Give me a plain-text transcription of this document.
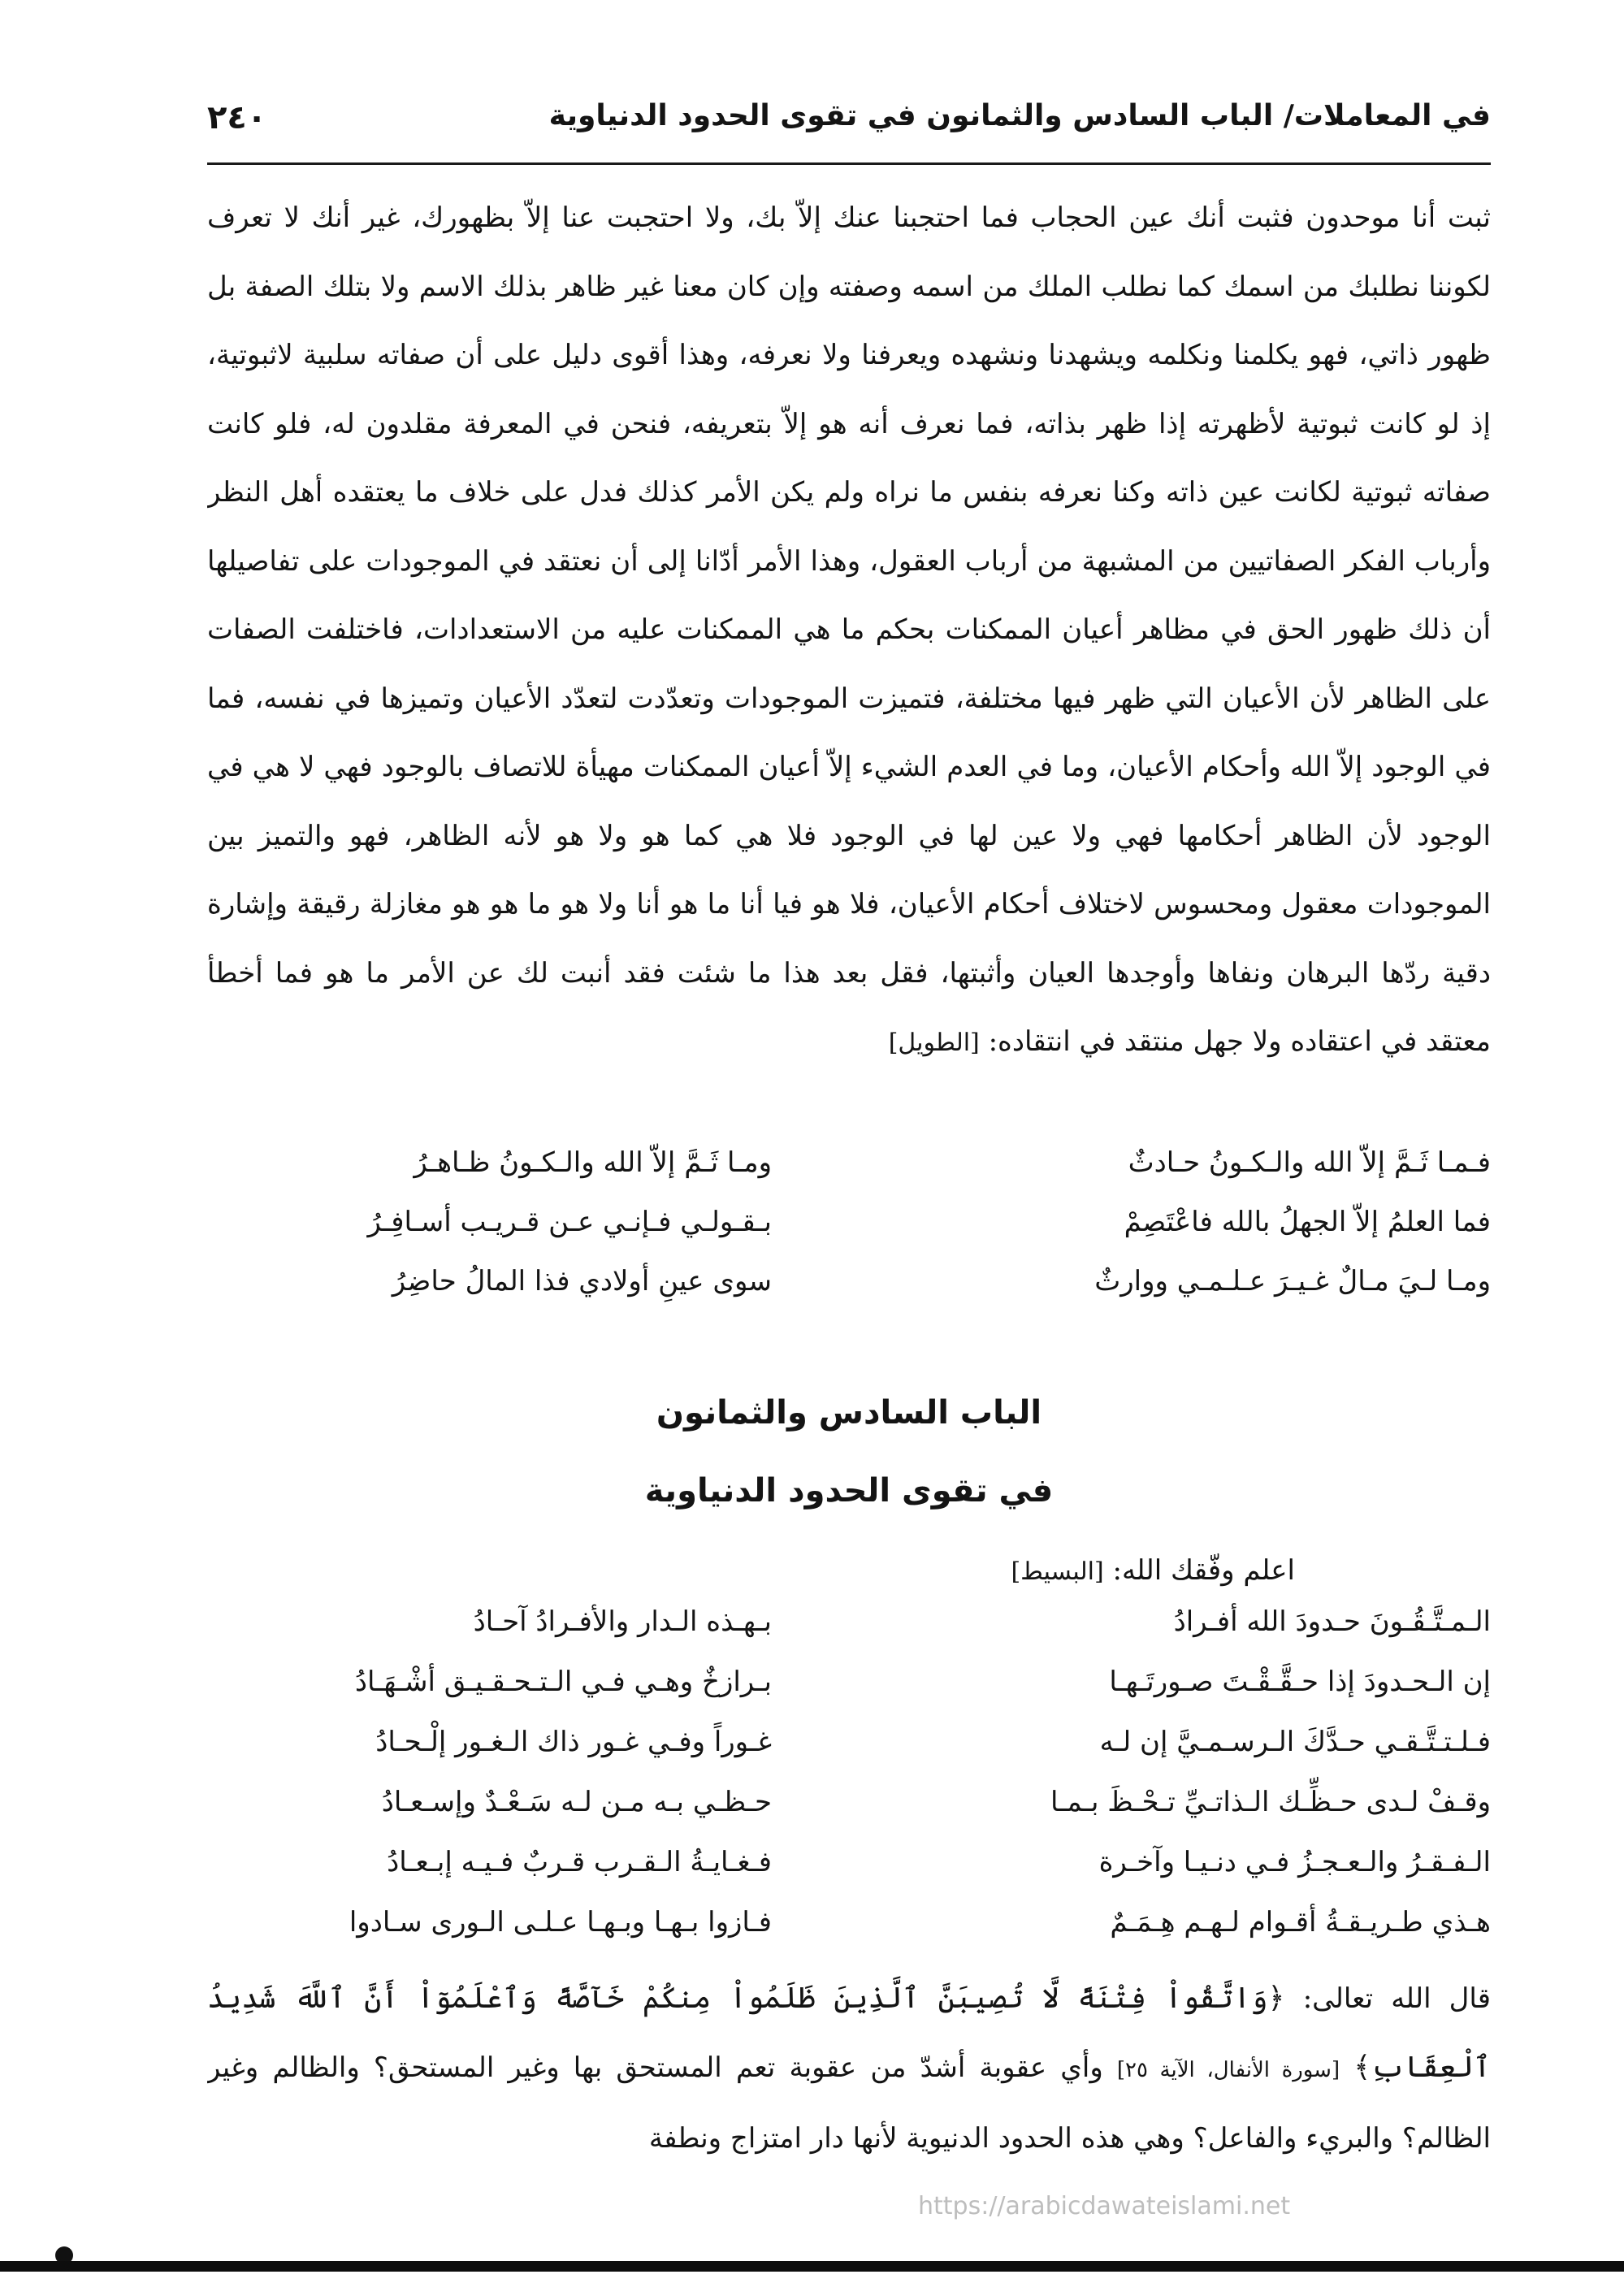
في المعاملات/ الباب السادس والثمانون في تقوى الحدود الدنياوية
٢٤٠

ثبت أنا موحدون فثبت أنك عين الحجاب فما احتجبنا عنك إلاّ بك، ولا احتجبت عنا إلاّ بظهورك، غير أنك لا تعرف لكوننا نطلبك من اسمك كما نطلب الملك من اسمه وصفته وإن كان معنا غير ظاهر بذلك الاسم ولا بتلك الصفة بل ظهور ذاتي، فهو يكلمنا ونكلمه ويشهدنا ونشهده ويعرفنا ولا نعرفه، وهذا أقوى دليل على أن صفاته سلبية لاثبوتية، إذ لو كانت ثبوتية لأظهرته إذا ظهر بذاته، فما نعرف أنه هو إلاّ بتعريفه، فنحن في المعرفة مقلدون له، فلو كانت صفاته ثبوتية لكانت عين ذاته وكنا نعرفه بنفس ما نراه ولم يكن الأمر كذلك فدل على خلاف ما يعتقده أهل النظر وأرباب الفكر الصفاتيين من المشبهة من أرباب العقول، وهذا الأمر أدّانا إلى أن نعتقد في الموجودات على تفاصيلها أن ذلك ظهور الحق في مظاهر أعيان الممكنات بحكم ما هي الممكنات عليه من الاستعدادات، فاختلفت الصفات على الظاهر لأن الأعيان التي ظهر فيها مختلفة، فتميزت الموجودات وتعدّدت لتعدّد الأعيان وتميزها في نفسه، فما في الوجود إلاّ الله وأحكام الأعيان، وما في العدم الشيء إلاّ أعيان الممكنات مهيأة للاتصاف بالوجود فهي لا هي في الوجود لأن الظاهر أحكامها فهي ولا عين لها في الوجود فلا هي كما هو ولا هو لأنه الظاهر، فهو والتميز بين الموجودات معقول ومحسوس لاختلاف أحكام الأعيان، فلا هو فيا أنا ما هو أنا ولا هو ما هو هو مغازلة رقيقة وإشارة دقية ردّها البرهان ونفاها وأوجدها العيان وأثبتها، فقل بعد هذا ما شئت فقد أنبت لك عن الأمر ما هو فما أخطأ معتقد في اعتقاده ولا جهل منتقد في انتقاده: [الطويل]

فـمـا ثَـمَّ إلاّ الله والـكـونُ حـادثٌ
ومـا ثَـمَّ إلاّ الله والـكـونُ ظـاهـرُ
فما العلمُ إلاّ الجهلُ بالله فاعْتَصِمْ
بـقـولـي فـإنـي عـن قـريـب أسـافِـرُ
ومـا لـيَ مـالٌ غـيـرَ عـلـمـي ووارثٌ
سوى عينِ أولادي فذا المالُ حاضِرُ
الباب السادس والثمانون
في تقوى الحدود الدنياوية
اعلم وفّقك الله: [البسيط]
الـمـتَّـقُـونَ حـدودَ الله أفـرادُ
بـهـذه الـدار والأفـرادُ آحـادُ
إن الـحـدودَ إذا حـقَّـقْـتَ صـورتَـهـا
بـرازخٌ وهـي فـي الـتـحـقـيـق أشْـهَـادُ
فـلـتـتَّـقـي حـدَّكَ الـرسـمـيَّ إن لـه
غـوراً وفـي غـور ذاك الـغـور إلْـحـادُ
وقـفْ لـدى حـظِّـك الـذاتـيِّ تـحْـظَ بـمـا
حـظـي بـه مـن لـه سَـعْـدٌ وإسـعـادُ
الـفـقـرُ والـعـجـزُ فـي دنـيـا وآخـرة
فـغـايـةُ الـقـرب قـربٌ فـيـه إبـعـادُ
هـذي طـريـقـةُ أقـوام لـهـم هِـمَـمٌ
فـازوا بـهـا وبـهـا عـلـى الـورى سـادوا

قال الله تعالى: ﴿وَاتَّقُواْ فِتْنَةً لَّا تُصِيبَنَّ ٱلَّذِينَ ظَلَمُواْ مِنكُمْ خَآصَّةً وَٱعْلَمُوٓاْ أَنَّ ٱللَّهَ شَدِيدُ ٱلْعِقَابِ﴾ [سورة الأنفال، الآية ٢٥] وأي عقوبة أشدّ من عقوبة تعم المستحق بها وغير المستحق؟ والظالم وغير الظالم؟ والبريء والفاعل؟ وهي هذه الحدود الدنيوية لأنها دار امتزاج ونطفة

https://arabicdawateislami.net
